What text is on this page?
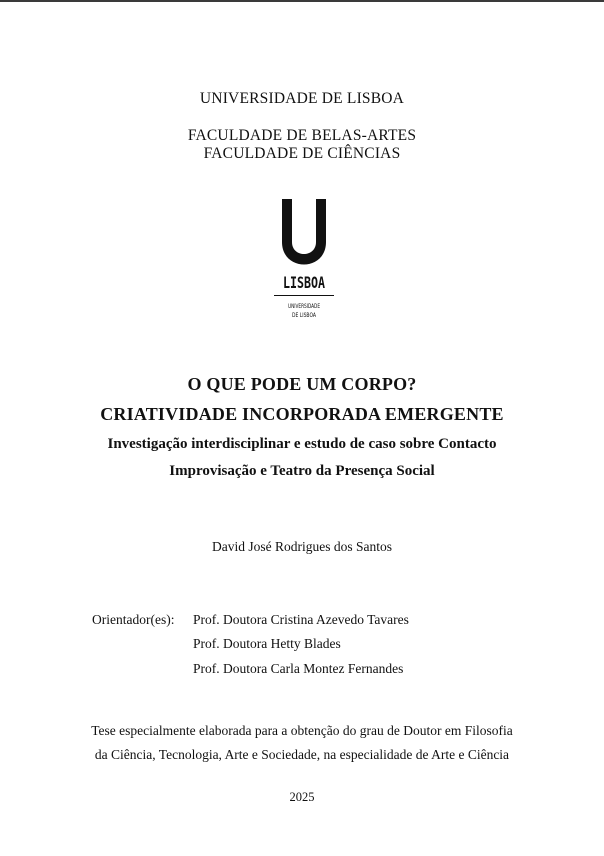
UNIVERSIDADE DE LISBOA
FACULDADE DE BELAS-ARTES
FACULDADE DE CIÊNCIAS
LISBOA
UNIVERSIDADE
DE LISBOA
O QUE PODE UM CORPO?
CRIATIVIDADE INCORPORADA EMERGENTE
Investigação interdisciplinar e estudo de caso sobre Contacto
Improvisação e Teatro da Presença Social
David José Rodrigues dos Santos
Orientador(es): Prof. Doutora Cristina Azevedo Tavares
Prof. Doutora Hetty Blades
Prof. Doutora Carla Montez Fernandes
Tese especialmente elaborada para a obtenção do grau de Doutor em Filosofia
da Ciência, Tecnologia, Arte e Sociedade, na especialidade de Arte e Ciência
2025
